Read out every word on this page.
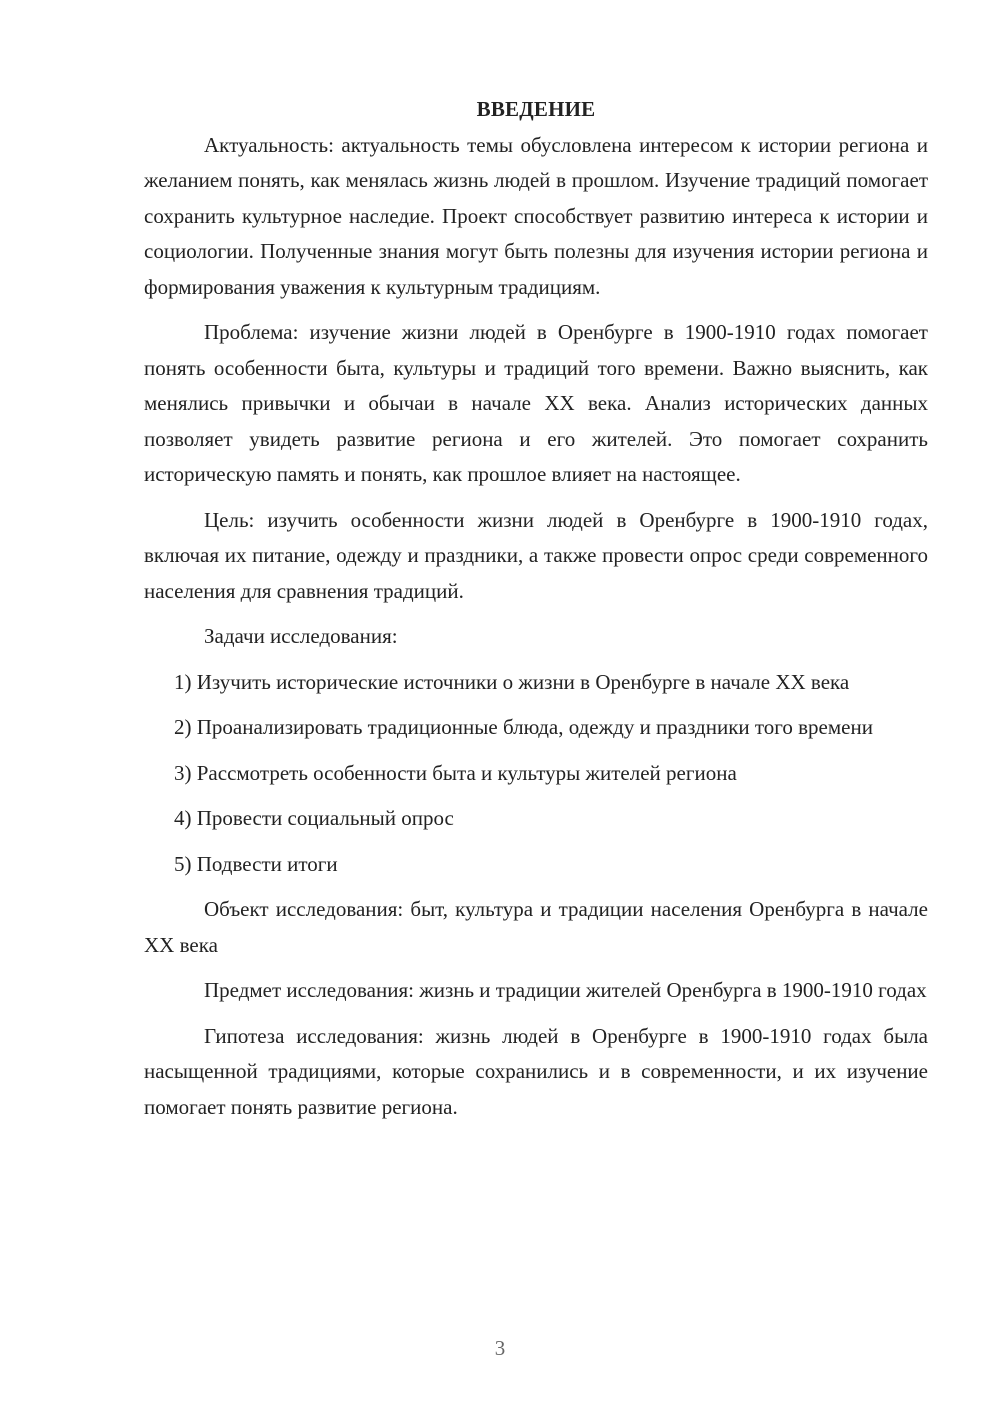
ВВЕДЕНИЕ

Актуальность: актуальность темы обусловлена интересом к истории региона и желанием понять, как менялась жизнь людей в прошлом. Изучение традиций помогает сохранить культурное наследие. Проект способствует развитию интереса к истории и социологии. Полученные знания могут быть полезны для изучения истории региона и формирования уважения к культурным традициям.

Проблема: изучение жизни людей в Оренбурге в 1900-1910 годах помогает понять особенности быта, культуры и традиций того времени. Важно выяснить, как менялись привычки и обычаи в начале XX века. Анализ исторических данных позволяет увидеть развитие региона и его жителей. Это помогает сохранить историческую память и понять, как прошлое влияет на настоящее.

Цель: изучить особенности жизни людей в Оренбурге в 1900-1910 годах, включая их питание, одежду и праздники, а также провести опрос среди современного населения для сравнения традиций.

Задачи исследования:

1) Изучить исторические источники о жизни в Оренбурге в начале XX века

2) Проанализировать традиционные блюда, одежду и праздники того времени

3) Рассмотреть особенности быта и культуры жителей региона

4) Провести социальный опрос

5) Подвести итоги

Объект исследования: быт, культура и традиции населения Оренбурга в начале XX века

Предмет исследования: жизнь и традиции жителей Оренбурга в 1900-1910 годах

Гипотеза исследования: жизнь людей в Оренбурге в 1900-1910 годах была насыщенной традициями, которые сохранились и в современности, и их изучение помогает понять развитие региона.

3
